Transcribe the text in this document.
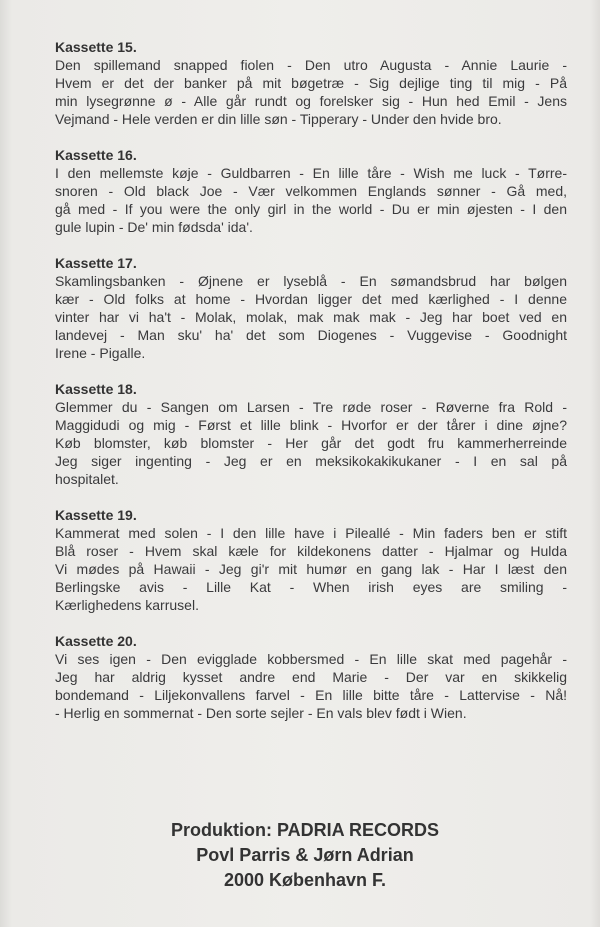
Kassette 15.
Den spillemand snapped fiolen - Den utro Augusta - Annie Laurie -
Hvem er det der banker på mit bøgetræ - Sig dejlige ting til mig - På
min lysegrønne ø - Alle går rundt og forelsker sig - Hun hed Emil - Jens
Vejmand - Hele verden er din lille søn - Tipperary - Under den hvide bro.
Kassette 16.
I den mellemste køje - Guldbarren - En lille tåre - Wish me luck - Tørre-
snoren - Old black Joe - Vær velkommen Englands sønner - Gå med,
gå med - If you were the only girl in the world - Du er min øjesten - I den
gule lupin - De' min fødsda' ida'.
Kassette 17.
Skamlingsbanken - Øjnene er lyseblå - En sømandsbrud har bølgen
kær - Old folks at home - Hvordan ligger det med kærlighed - I denne
vinter har vi ha't - Molak, molak, mak mak mak - Jeg har boet ved en
landevej - Man sku' ha' det som Diogenes - Vuggevise - Goodnight
Irene - Pigalle.
Kassette 18.
Glemmer du - Sangen om Larsen - Tre røde roser - Røverne fra Rold -
Maggidudi og mig - Først et lille blink - Hvorfor er der tårer i dine øjne?
Køb blomster, køb blomster - Her går det godt fru kammerherreinde
Jeg siger ingenting - Jeg er en meksikokakikukaner - I en sal på
hospitalet.
Kassette 19.
Kammerat med solen - I den lille have i Pileallé - Min faders ben er stift
Blå roser - Hvem skal kæle for kildekonens datter - Hjalmar og Hulda
Vi mødes på Hawaii - Jeg gi'r mit humør en gang lak - Har I læst den
Berlingske avis - Lille Kat - When irish eyes are smiling -
Kærlighedens karrusel.
Kassette 20.
Vi ses igen - Den evigglade kobbersmed - En lille skat med pagehår -
Jeg har aldrig kysset andre end Marie - Der var en skikkelig
bondemand - Liljekonvallens farvel - En lille bitte tåre - Lattervise - Nå!
- Herlig en sommernat - Den sorte sejler - En vals blev født i Wien.
Produktion: PADRIA RECORDS
Povl Parris & Jørn Adrian
2000 København F.
